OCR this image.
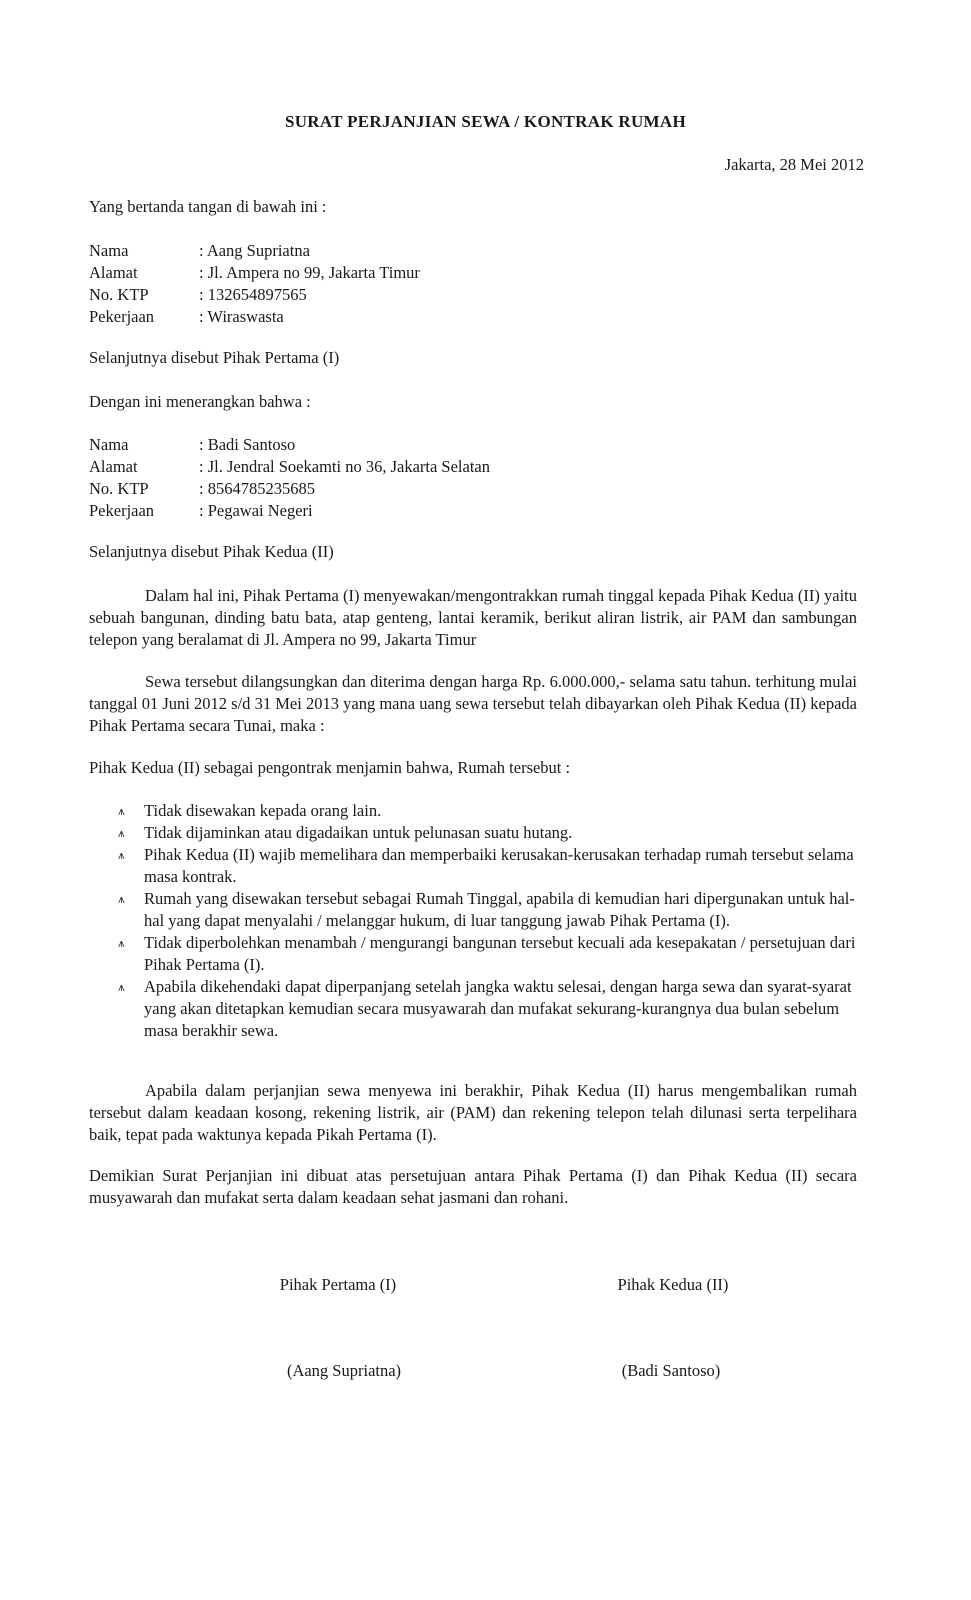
SURAT PERJANJIAN SEWA / KONTRAK RUMAH
Jakarta, 28 Mei 2012
Yang bertanda tangan di bawah ini :
Nama	: Aang Supriatna
Alamat	: Jl. Ampera no 99, Jakarta Timur
No. KTP	: 132654897565
Pekerjaan	: Wiraswasta
Selanjutnya disebut Pihak Pertama (I)
Dengan ini menerangkan bahwa :
Nama	: Badi Santoso
Alamat	: Jl. Jendral Soekamti no 36, Jakarta Selatan
No. KTP	: 8564785235685
Pekerjaan	: Pegawai Negeri
Selanjutnya disebut Pihak Kedua (II)
Dalam hal ini, Pihak Pertama (I) menyewakan/mengontrakkan rumah tinggal kepada Pihak Kedua (II) yaitu sebuah bangunan, dinding batu bata, atap genteng, lantai keramik, berikut aliran listrik, air PAM dan sambungan telepon yang beralamat di Jl. Ampera no 99, Jakarta Timur
Sewa tersebut dilangsungkan dan diterima dengan harga Rp. 6.000.000,- selama satu tahun. terhitung mulai tanggal 01 Juni 2012 s/d 31 Mei 2013 yang mana uang sewa tersebut telah dibayarkan oleh Pihak Kedua (II) kepada Pihak Pertama secara Tunai, maka :
Pihak Kedua (II) sebagai pengontrak menjamin bahwa, Rumah tersebut :
⩚ Tidak disewakan kepada orang lain.
⩚ Tidak dijaminkan atau digadaikan untuk pelunasan suatu hutang.
⩚ Pihak Kedua (II) wajib memelihara dan memperbaiki kerusakan-kerusakan terhadap rumah tersebut selama masa kontrak.
⩚ Rumah yang disewakan tersebut sebagai Rumah Tinggal, apabila di kemudian hari dipergunakan untuk hal-hal yang dapat menyalahi / melanggar hukum, di luar tanggung jawab Pihak Pertama (I).
⩚ Tidak diperbolehkan menambah / mengurangi bangunan tersebut kecuali ada kesepakatan / persetujuan dari Pihak Pertama (I).
⩚ Apabila dikehendaki dapat diperpanjang setelah jangka waktu selesai, dengan harga sewa dan syarat-syarat yang akan ditetapkan kemudian secara musyawarah dan mufakat sekurang-kurangnya dua bulan sebelum masa berakhir sewa.
Apabila dalam perjanjian sewa menyewa ini berakhir, Pihak Kedua (II) harus mengembalikan rumah tersebut dalam keadaan kosong, rekening listrik, air (PAM) dan rekening telepon telah dilunasi serta terpelihara baik, tepat pada waktunya kepada Pikah Pertama (I).
Demikian Surat Perjanjian ini dibuat atas persetujuan antara Pihak Pertama (I) dan Pihak Kedua (II) secara musyawarah dan mufakat serta dalam keadaan sehat jasmani dan rohani.
Pihak Pertama (I)	Pihak Kedua (II)
(Aang Supriatna)	(Badi Santoso)
